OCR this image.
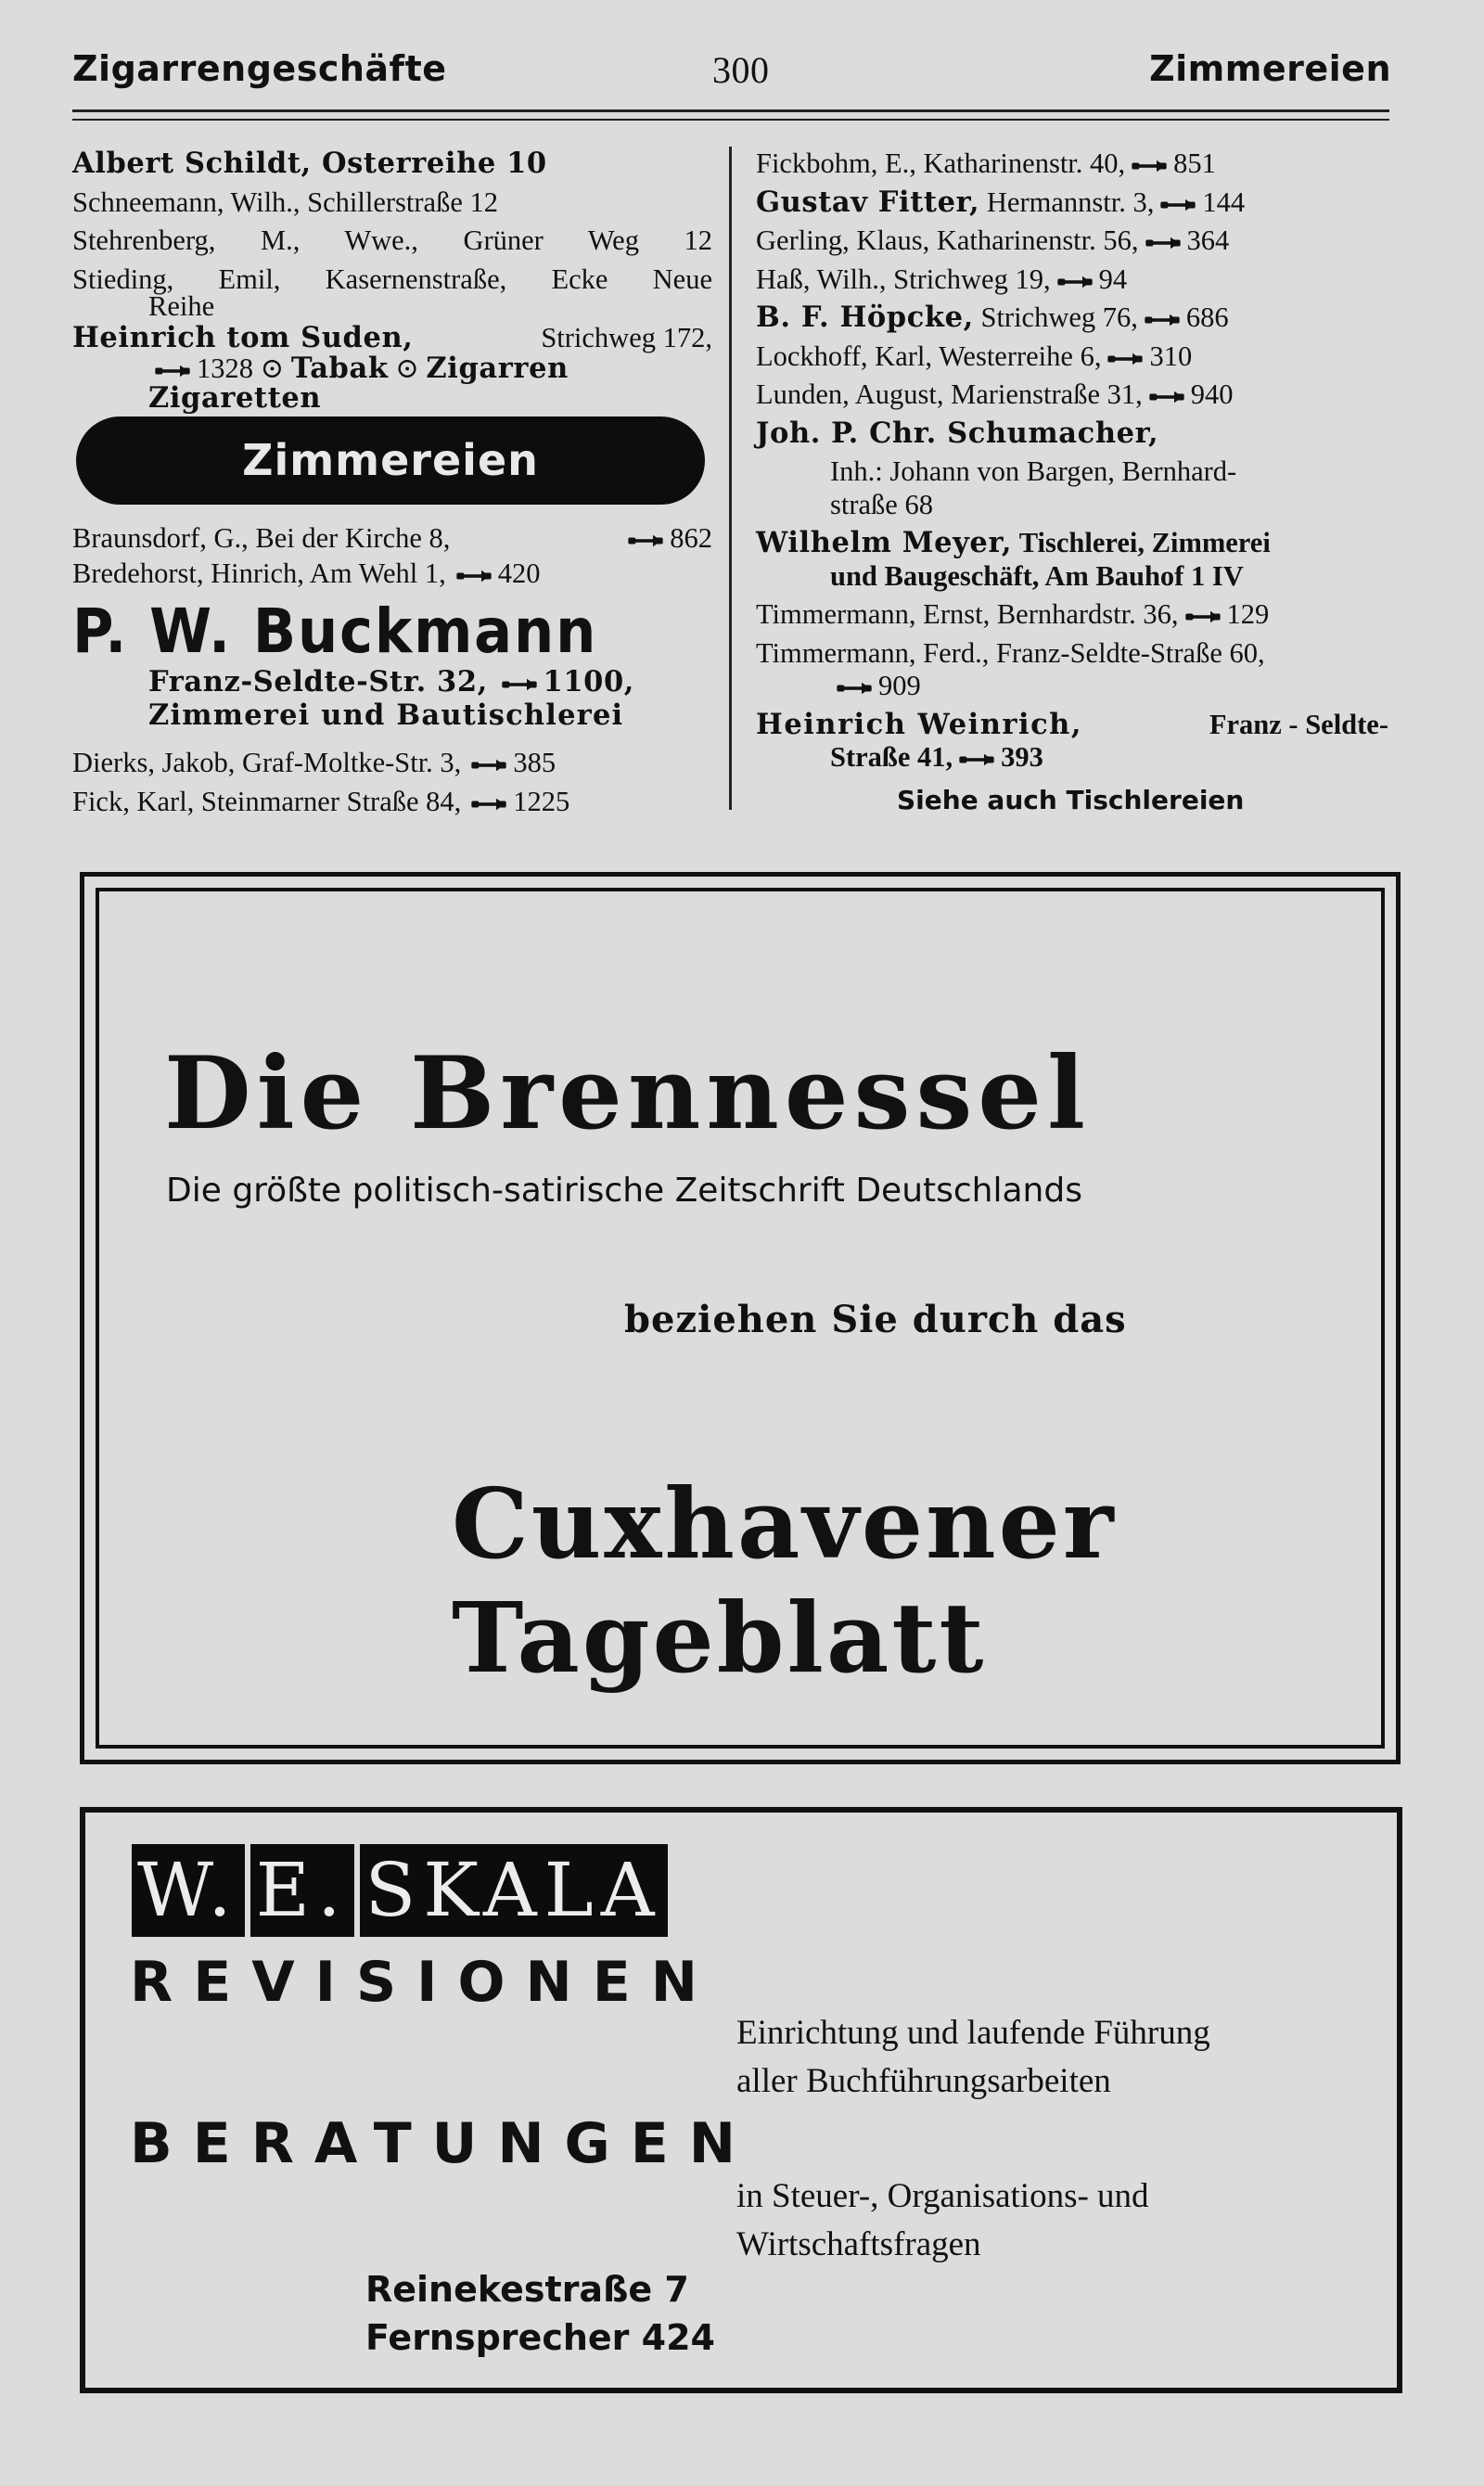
Zigarrengeschäfte	300	Zimmereien
Albert Schildt, Osterreihe 10
Schneemann, Wilh., Schillerstraße 12
Stehrenberg, M., Wwe., Grüner Weg 12
Stieding, Emil, Kasernenstraße, Ecke Neue
Reihe
Heinrich tom Suden,	Strichweg 172,
1328 ⊙ Tabak ⊙ Zigarren
Zigaretten
Zimmereien
Braunsdorf, G., Bei der Kirche 8,	862
Bredehorst, Hinrich, Am Wehl 1, 420
P. W. Buckmann
Franz-Seldte-Str. 32, 1100,
Zimmerei und Bautischlerei
Dierks, Jakob, Graf-Moltke-Str. 3, 385
Fick, Karl, Steinmarner Straße 84, 1225
Fickbohm, E., Katharinenstr. 40, 851
Gustav Fitter, Hermannstr. 3, 144
Gerling, Klaus, Katharinenstr. 56, 364
Haß, Wilh., Strichweg 19, 94
B. F. Höpcke, Strichweg 76, 686
Lockhoff, Karl, Westerreihe 6, 310
Lunden, August, Marienstraße 31, 940
Joh. P. Chr. Schumacher,
Inh.: Johann von Bargen, Bernhard-
straße 68
Wilhelm Meyer, Tischlerei, Zimmerei
und Baugeschäft, Am Bauhof 1 IV
Timmermann, Ernst, Bernhardstr. 36, 129
Timmermann, Ferd., Franz-Seldte-Straße 60,
909
Heinrich Weinrich,	Franz - Seldte-
Straße 41, 393
Siehe auch Tischlereien
Die Brennessel
Die größte politisch-satirische Zeitschrift Deutschlands
beziehen Sie durch das
Cuxhavener Tageblatt
W. E. SKALA
REVISIONEN
Einrichtung und laufende Führung
aller Buchführungsarbeiten
BERATUNGEN
in Steuer-, Organisations- und
Wirtschaftsfragen
Reinekestraße 7
Fernsprecher 424
